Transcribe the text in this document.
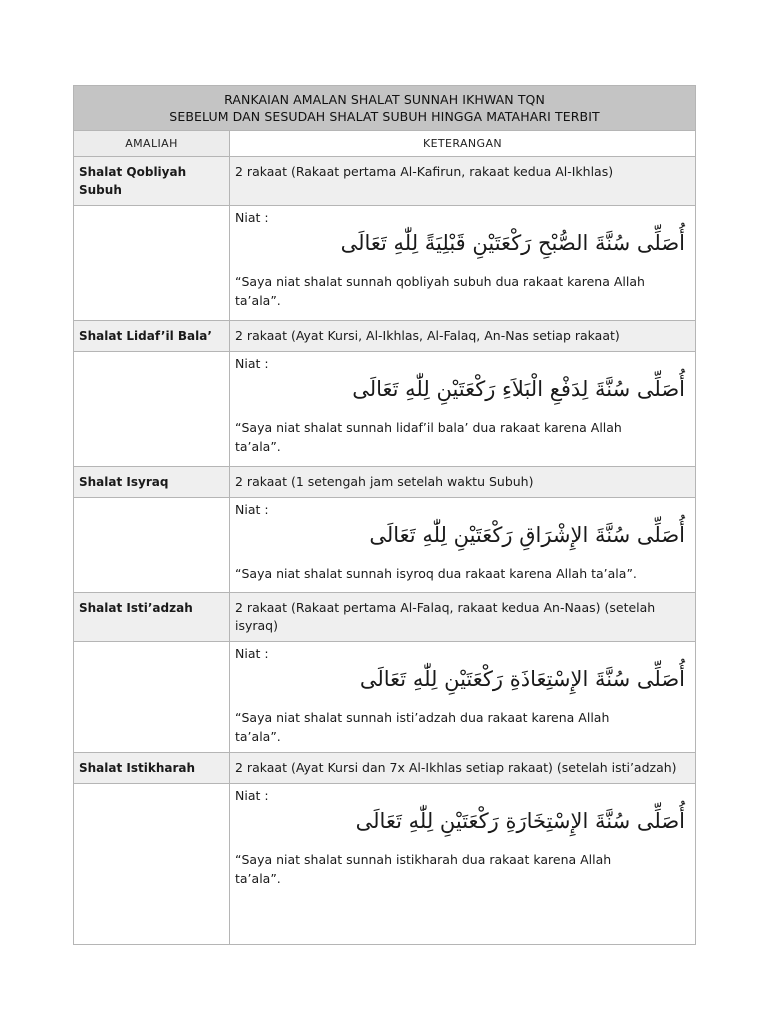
RANKAIAN AMALAN SHALAT SUNNAH IKHWAN TQN
SEBELUM DAN SESUDAH SHALAT SUBUH HINGGA MATAHARI TERBIT	

AMALIAH	KETERANGAN
Shalat Qobliyah Subuh	2 rakaat (Rakaat pertama Al-Kafirun, rakaat kedua Al-Ikhlas)

	Niat :
أُصَلِّى سُنَّةَ الصُّبْحِ رَكْعَتَيْنِ قَبْلِيَةً لِلّٰهِ تَعَالَى
“Saya niat shalat sunnah qobliyah subuh dua rakaat karena Allah ta’ala”.

Shalat Lidaf’il Bala’	2 rakaat (Ayat Kursi, Al-Ikhlas, Al-Falaq, An-Nas setiap rakaat)

	Niat :
أُصَلِّى سُنَّةَ لِدَفْعِ الْبَلاَءِ رَكْعَتَيْنِ لِلّٰهِ تَعَالَى
“Saya niat shalat sunnah lidaf’il bala’ dua rakaat karena Allah ta’ala”.

Shalat Isyraq	2 rakaat (1 setengah jam setelah waktu Subuh)

	Niat :
أُصَلِّى سُنَّةَ الإِشْرَاقِ رَكْعَتَيْنِ لِلّٰهِ تَعَالَى
“Saya niat shalat sunnah isyroq dua rakaat karena Allah ta’ala”.

Shalat Isti’adzah	2 rakaat (Rakaat pertama Al-Falaq, rakaat kedua An-Naas) (setelah isyraq)

	Niat :
أُصَلِّى سُنَّةَ الإِسْتِعَاذَةِ رَكْعَتَيْنِ لِلّٰهِ تَعَالَى
“Saya niat shalat sunnah isti’adzah dua rakaat karena Allah ta’ala”.

Shalat Istikharah	2 rakaat (Ayat Kursi dan 7x Al-Ikhlas setiap rakaat) (setelah isti’adzah)

	Niat :
أُصَلِّى سُنَّةَ الإِسْتِخَارَةِ رَكْعَتَيْنِ لِلّٰهِ تَعَالَى
“Saya niat shalat sunnah istikharah dua rakaat karena Allah ta’ala”.
